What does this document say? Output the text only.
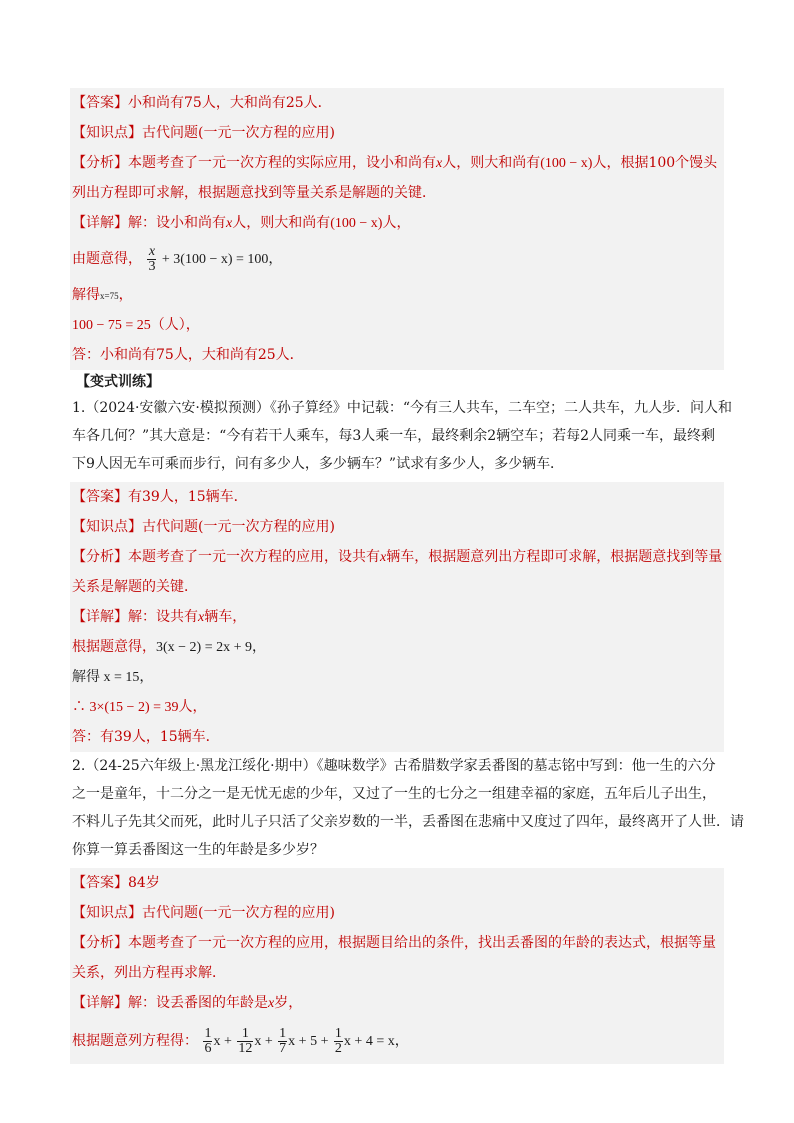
【答案】小和尚有75人，大和尚有25人．
【知识点】古代问题(一元一次方程的应用)
【分析】本题考查了一元一次方程的实际应用，设小和尚有x人，则大和尚有(100 − x)人，根据100个馒头
列出方程即可求解，根据题意找到等量关系是解题的关键．
【详解】解：设小和尚有x人，则大和尚有(100 − x)人，
由题意得， $\frac{x}{3} + 3(100 - x) = 100$，
解得x=75，
100 − 75 = 25（人），
答：小和尚有75人，大和尚有25人．
【变式训练】
1.（2024·安徽六安·模拟预测）《孙子算经》中记载：“今有三人共车，二车空；二人共车，九人步．问人和
车各几何？”其大意是：“今有若干人乘车，每3人乘一车，最终剩余2辆空车；若每2人同乘一车，最终剩
下9人因无车可乘而步行，问有多少人，多少辆车？”试求有多少人，多少辆车．
【答案】有39人，15辆车．
【知识点】古代问题(一元一次方程的应用)
【分析】本题考查了一元一次方程的应用，设共有x辆车，根据题意列出方程即可求解，根据题意找到等量
关系是解题的关键．
【详解】解：设共有x辆车，
根据题意得，3(x − 2) = 2x + 9，
解得 x = 15，
∴ 3×(15 − 2) = 39人，
答：有39人，15辆车．
2.（24-25六年级上·黑龙江绥化·期中）《趣味数学》古希腊数学家丢番图的墓志铭中写到：他一生的六分
之一是童年，十二分之一是无忧无虑的少年，又过了一生的七分之一组建幸福的家庭，五年后儿子出生，
不料儿子先其父而死，此时儿子只活了父亲岁数的一半，丢番图在悲痛中又度过了四年，最终离开了人世．请
你算一算丢番图这一生的年龄是多少岁？
【答案】84岁
【知识点】古代问题(一元一次方程的应用)
【分析】本题考查了一元一次方程的应用，根据题目给出的条件，找出丢番图的年龄的表达式，根据等量
关系，列出方程再求解．
【详解】解：设丢番图的年龄是x岁，
根据题意列方程得： $\frac{1}{6}$ $x + \frac{1}{12}$ $x + \frac{1}{7}$ $x + 5 + \frac{1}{2}$ x + 4 = x，
